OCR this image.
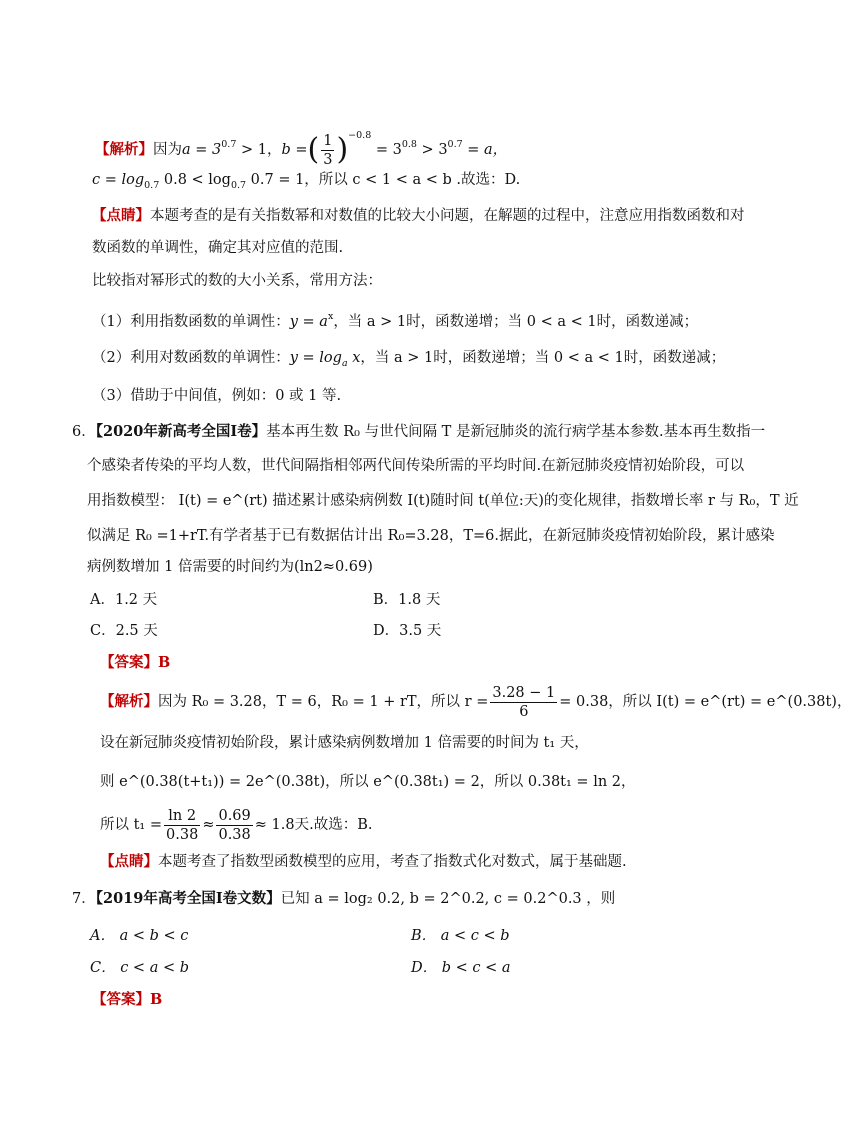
【解析】因为$a = 3^{0.7} > 1$，b =( $\frac{1}{3} )^{-0.8} = 3^{0.8} > 3^{0.7} = a$，
$c = \log_{0.7} 0.8 < \log_{0.7} 0.7 = 1$，所以 c < 1 < a < b .故选：D.
【点睛】本题考查的是有关指数幂和对数值的比较大小问题，在解题的过程中，注意应用指数函数和对
数函数的单调性，确定其对应值的范围.
比较指对幂形式的数的大小关系，常用方法：
（1）利用指数函数的单调性：$y = a^x$，当 a > 1时，函数递增；当 0 < a < 1时，函数递减；
（2）利用对数函数的单调性：$y = \log_a x$，当 a > 1时，函数递增；当 0 < a < 1时，函数递减；
（3）借助于中间值，例如：0 或 1 等.
6．【2020年新高考全国Ⅰ卷】基本再生数 R₀ 与世代间隔 T 是新冠肺炎的流行病学基本参数.基本再生数指一
个感染者传染的平均人数，世代间隔指相邻两代间传染所需的平均时间.在新冠肺炎疫情初始阶段，可以
用指数模型： I(t) = e^(rt) 描述累计感染病例数 I(t)随时间 t(单位:天)的变化规律，指数增长率 r 与 R₀，T 近
似满足 R₀ =1+rT.有学者基于已有数据估计出 R₀=3.28，T=6.据此，在新冠肺炎疫情初始阶段，累计感染
病例数增加 1 倍需要的时间约为(ln2≈0.69)
A．1.2 天	B．1.8 天
C．2.5 天	D．3.5 天
【答案】B
【解析】因为 R₀ = 3.28，T = 6，R₀ = 1 + rT，所以 $r = \frac{3.28 - 1}{6} = 0.38$，所以 I(t) = e^(rt) = e^(0.38t)，
设在新冠肺炎疫情初始阶段，累计感染病例数增加 1 倍需要的时间为 t₁ 天，
则 e^(0.38(t+t₁)) = 2e^(0.38t)，所以 e^(0.38t₁) = 2，所以 0.38t₁ = ln 2，
所以 $t_1 = \frac{\ln 2}{0.38} \approx \frac{0.69}{0.38} \approx 1.8$天.故选：B.
【点睛】本题考查了指数型函数模型的应用，考查了指数式化对数式，属于基础题.
7．【2019年高考全国Ⅰ卷文数】已知 a = log₂ 0.2, b = 2^0.2, c = 0.2^0.3 ，则
A． a < b < c	B． a < c < b
C． c < a < b	D． b < c < a
【答案】B
